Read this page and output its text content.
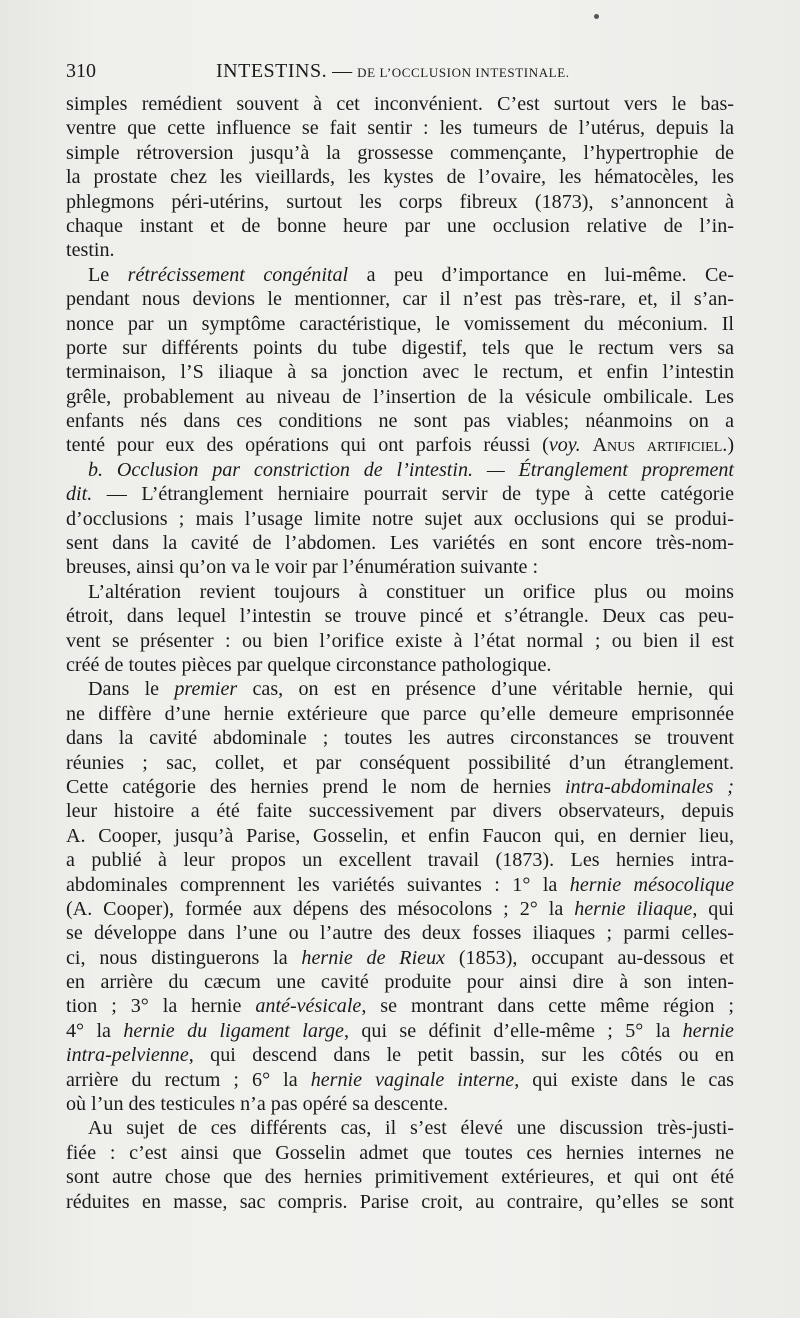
310	INTESTINS. — DE L’OCCLUSION INTESTINALE.
simples remédient souvent à cet inconvénient. C’est surtout vers le bas-
ventre que cette influence se fait sentir : les tumeurs de l’utérus, depuis la
simple rétroversion jusqu’à la grossesse commençante, l’hypertrophie de
la prostate chez les vieillards, les kystes de l’ovaire, les hématocèles, les
phlegmons péri-utérins, surtout les corps fibreux (1873), s’annoncent à
chaque instant et de bonne heure par une occlusion relative de l’in-
testin.
Le rétrécissement congénital a peu d’importance en lui-même. Ce-
pendant nous devions le mentionner, car il n’est pas très-rare, et, il s’an-
nonce par un symptôme caractéristique, le vomissement du méconium. Il
porte sur différents points du tube digestif, tels que le rectum vers sa
terminaison, l’S iliaque à sa jonction avec le rectum, et enfin l’intestin
grêle, probablement au niveau de l’insertion de la vésicule ombilicale. Les
enfants nés dans ces conditions ne sont pas viables; néanmoins on a
tenté pour eux des opérations qui ont parfois réussi (voy. Anus artificiel.)
b. Occlusion par constriction de l’intestin. — Étranglement proprement
dit. — L’étranglement herniaire pourrait servir de type à cette catégorie
d’occlusions ; mais l’usage limite notre sujet aux occlusions qui se produi-
sent dans la cavité de l’abdomen. Les variétés en sont encore très-nom-
breuses, ainsi qu’on va le voir par l’énumération suivante :
L’altération revient toujours à constituer un orifice plus ou moins
étroit, dans lequel l’intestin se trouve pincé et s’étrangle. Deux cas peu-
vent se présenter : ou bien l’orifice existe à l’état normal ; ou bien il est
créé de toutes pièces par quelque circonstance pathologique.
Dans le premier cas, on est en présence d’une véritable hernie, qui
ne diffère d’une hernie extérieure que parce qu’elle demeure emprisonnée
dans la cavité abdominale ; toutes les autres circonstances se trouvent
réunies ; sac, collet, et par conséquent possibilité d’un étranglement.
Cette catégorie des hernies prend le nom de hernies intra-abdominales ;
leur histoire a été faite successivement par divers observateurs, depuis
A. Cooper, jusqu’à Parise, Gosselin, et enfin Faucon qui, en dernier lieu,
a publié à leur propos un excellent travail (1873). Les hernies intra-
abdominales comprennent les variétés suivantes : 1° la hernie mésocolique
(A. Cooper), formée aux dépens des mésocolons ; 2° la hernie iliaque, qui
se développe dans l’une ou l’autre des deux fosses iliaques ; parmi celles-
ci, nous distinguerons la hernie de Rieux (1853), occupant au-dessous et
en arrière du cæcum une cavité produite pour ainsi dire à son inten-
tion ; 3° la hernie anté-vésicale, se montrant dans cette même région ;
4° la hernie du ligament large, qui se définit d’elle-même ; 5° la hernie
intra-pelvienne, qui descend dans le petit bassin, sur les côtés ou en
arrière du rectum ; 6° la hernie vaginale interne, qui existe dans le cas
où l’un des testicules n’a pas opéré sa descente.
Au sujet de ces différents cas, il s’est élevé une discussion très-justi-
fiée : c’est ainsi que Gosselin admet que toutes ces hernies internes ne
sont autre chose que des hernies primitivement extérieures, et qui ont été
réduites en masse, sac compris. Parise croit, au contraire, qu’elles se sont
